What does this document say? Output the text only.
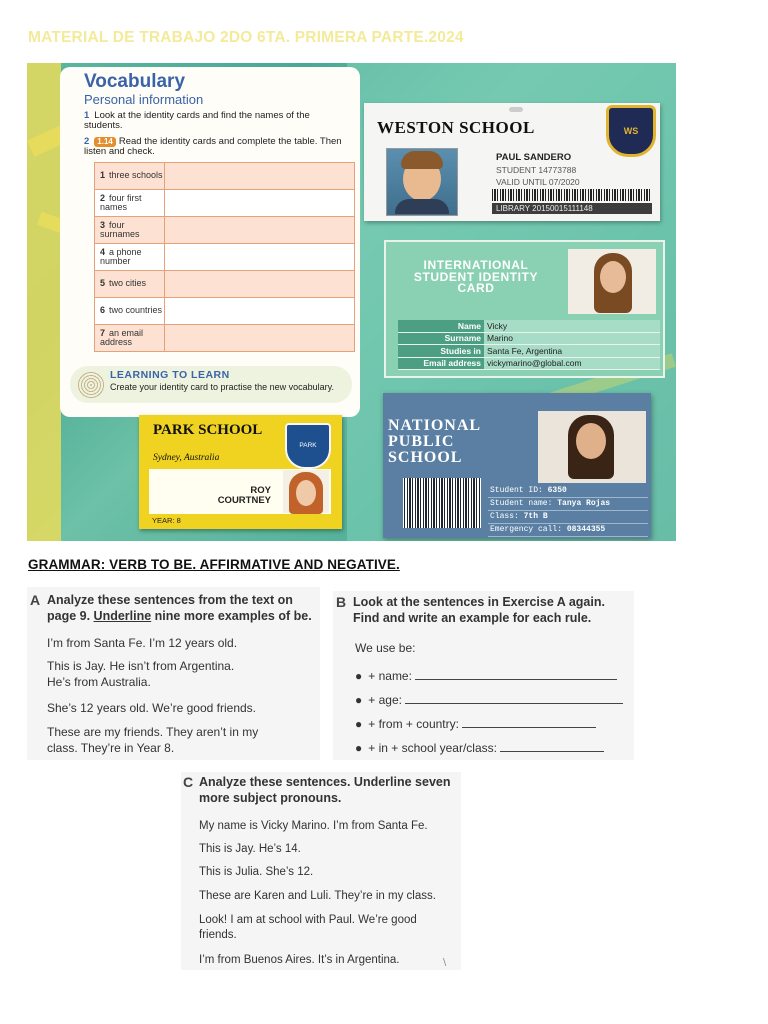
MATERIAL DE TRABAJO 2DO 6TA. PRIMERA PARTE.2024
Vocabulary
Personal information
1 Look at the identity cards and find the names of the students.
2 1.14 Read the identity cards and complete the table. Then listen and check.
1 three schools	
2 four first names	
3 four surnames	
4 a phone number	
5 two cities	
6 two countries	
7 an email address	
LEARNING TO LEARN
Create your identity card to practise the new vocabulary.
WESTON SCHOOL	WS
PAUL SANDERO
STUDENT 14773788
VALID UNTIL 07/2020
LIBRARY 20150015111148
INTERNATIONAL STUDENT IDENTITY CARD
Name	Vicky
Surname	Marino
Studies in	Santa Fe, Argentina
Email address	vickymarino@global.com
PARK SCHOOL
Sydney, Australia
PARK
ROY
COURTNEY
YEAR: 8
NATIONAL PUBLIC SCHOOL
Student ID: 6350
Student name: Tanya Rojas
Class: 7th B
Emergency call: 08344355
GRAMMAR: VERB TO BE. AFFIRMATIVE AND NEGATIVE.
A Analyze these sentences from the text on
page 9. Underline nine more examples of be.
I’m from Santa Fe. I’m 12 years old.
This is Jay. He isn’t from Argentina.
He’s from Australia.
She’s 12 years old. We’re good friends.
These are my friends. They aren’t in my
class. They’re in Year 8.
B Look at the sentences in Exercise A again.
Find and write an example for each rule.
We use be:
● + name:
● + age:
● + from + country:
● + in + school year/class:
C Analyze these sentences. Underline seven
more subject pronouns.
My name is Vicky Marino. I’m from Santa Fe.
This is Jay. He’s 14.
This is Julia. She’s 12.
These are Karen and Luli. They’re in my class.
Look! I am at school with Paul. We’re good
friends.
I’m from Buenos Aires. It’s in Argentina.	∖
